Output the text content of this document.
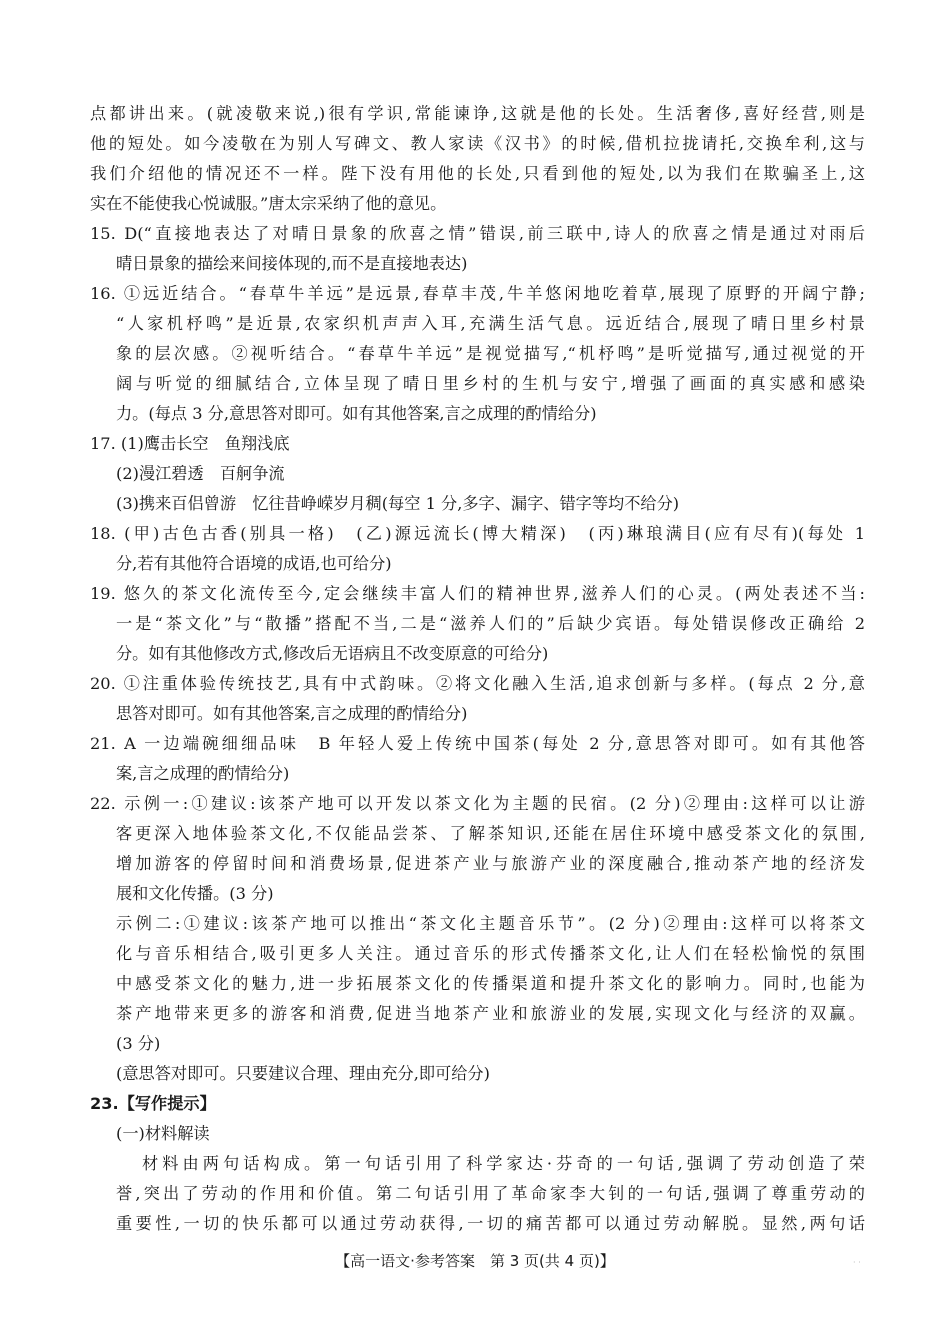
点都讲出来。(就凌敬来说,)很有学识,常能谏诤,这就是他的长处。生活奢侈,喜好经营,则是
他的短处。如今凌敬在为别人写碑文、教人家读《汉书》的时候,借机拉拢请托,交换牟利,这与
我们介绍他的情况还不一样。陛下没有用他的长处,只看到他的短处,以为我们在欺骗圣上,这
实在不能使我心悦诚服。”唐太宗采纳了他的意见。
15. D(“直接地表达了对晴日景象的欣喜之情”错误,前三联中,诗人的欣喜之情是通过对雨后
晴日景象的描绘来间接体现的,而不是直接地表达)
16. ①远近结合。“春草牛羊远”是远景,春草丰茂,牛羊悠闲地吃着草,展现了原野的开阔宁静;
“人家机杼鸣”是近景,农家织机声声入耳,充满生活气息。远近结合,展现了晴日里乡村景
象的层次感。②视听结合。“春草牛羊远”是视觉描写,“机杼鸣”是听觉描写,通过视觉的开
阔与听觉的细腻结合,立体呈现了晴日里乡村的生机与安宁,增强了画面的真实感和感染
力。(每点 3 分,意思答对即可。如有其他答案,言之成理的酌情给分)
17. (1)鹰击长空　鱼翔浅底
(2)漫江碧透　百舸争流
(3)携来百侣曾游　忆往昔峥嵘岁月稠(每空 1 分,多字、漏字、错字等均不给分)
18. (甲)古色古香(别具一格)　(乙)源远流长(博大精深)　(丙)琳琅满目(应有尽有)(每处 1
分,若有其他符合语境的成语,也可给分)
19. 悠久的茶文化流传至今,定会继续丰富人们的精神世界,滋养人们的心灵。(两处表述不当:
一是“茶文化”与“散播”搭配不当,二是“滋养人们的”后缺少宾语。每处错误修改正确给 2
分。如有其他修改方式,修改后无语病且不改变原意的可给分)
20. ①注重体验传统技艺,具有中式韵味。②将文化融入生活,追求创新与多样。(每点 2 分,意
思答对即可。如有其他答案,言之成理的酌情给分)
21. A 一边端碗细细品味　B 年轻人爱上传统中国茶(每处 2 分,意思答对即可。如有其他答
案,言之成理的酌情给分)
22. 示例一:①建议:该茶产地可以开发以茶文化为主题的民宿。(2 分)②理由:这样可以让游
客更深入地体验茶文化,不仅能品尝茶、了解茶知识,还能在居住环境中感受茶文化的氛围,
增加游客的停留时间和消费场景,促进茶产业与旅游产业的深度融合,推动茶产地的经济发
展和文化传播。(3 分)
示例二:①建议:该茶产地可以推出“茶文化主题音乐节”。(2 分)②理由:这样可以将茶文
化与音乐相结合,吸引更多人关注。通过音乐的形式传播茶文化,让人们在轻松愉悦的氛围
中感受茶文化的魅力,进一步拓展茶文化的传播渠道和提升茶文化的影响力。同时,也能为
茶产地带来更多的游客和消费,促进当地茶产业和旅游业的发展,实现文化与经济的双赢。
(3 分)
(意思答对即可。只要建议合理、理由充分,即可给分)
23.【写作提示】
(一)材料解读
材料由两句话构成。第一句话引用了科学家达·芬奇的一句话,强调了劳动创造了荣
誉,突出了劳动的作用和价值。第二句话引用了革命家李大钊的一句话,强调了尊重劳动的
重要性,一切的快乐都可以通过劳动获得,一切的痛苦都可以通过劳动解脱。显然,两句话
【高一语文·参考答案　第 3 页(共 4 页)】	· ·
